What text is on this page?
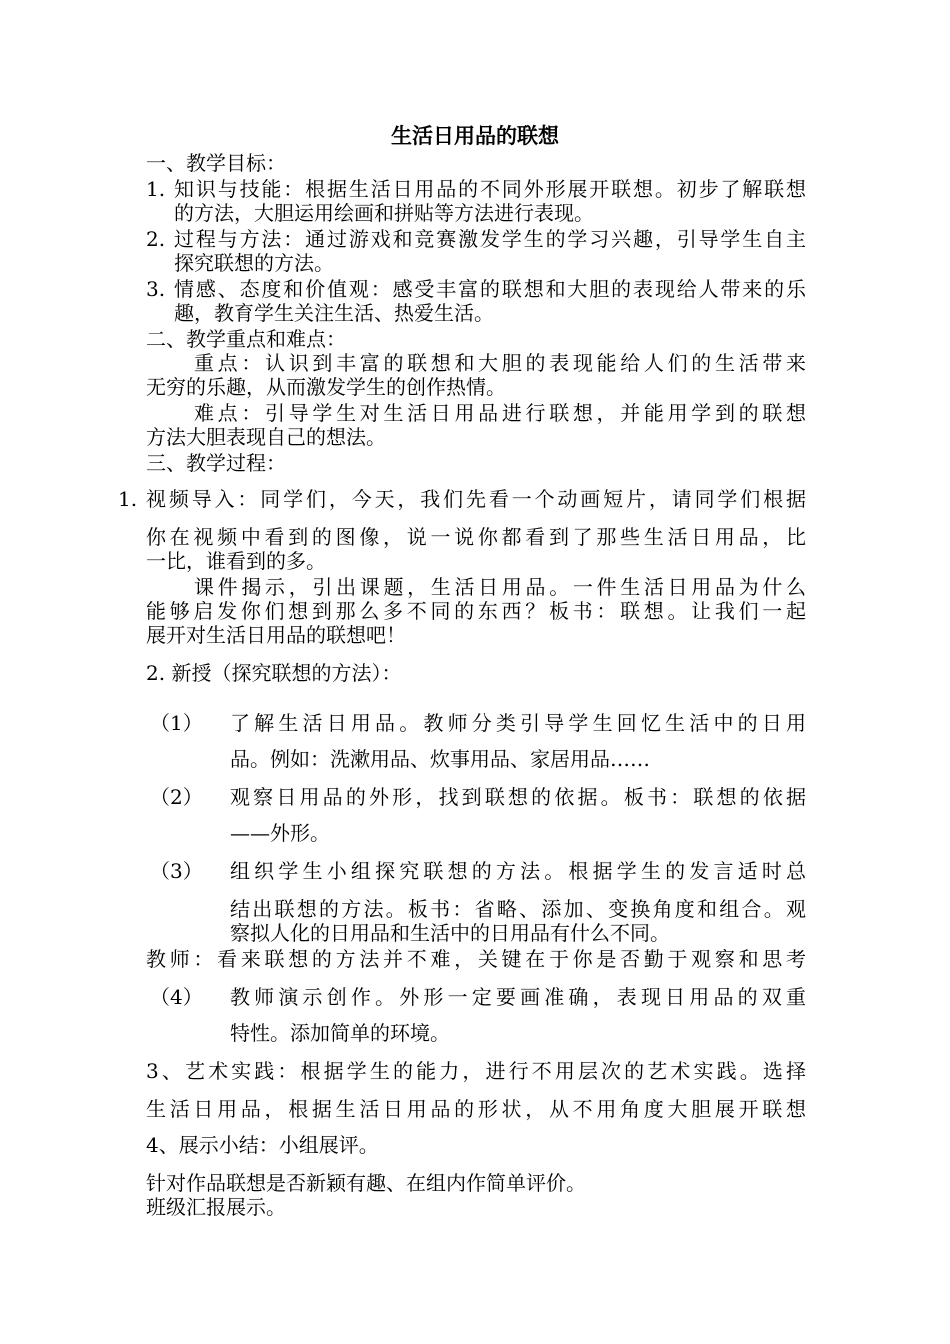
生活日用品的联想
一、教学目标：
1. 知识与技能：根据生活日用品的不同外形展开联想。初步了解联想
的方法，大胆运用绘画和拼贴等方法进行表现。
2. 过程与方法：通过游戏和竞赛激发学生的学习兴趣，引导学生自主
探究联想的方法。
3. 情感、态度和价值观：感受丰富的联想和大胆的表现给人带来的乐
趣，教育学生关注生活、热爱生活。
二、教学重点和难点：
重点：认识到丰富的联想和大胆的表现能给人们的生活带来
无穷的乐趣，从而激发学生的创作热情。
难点：引导学生对生活日用品进行联想，并能用学到的联想
方法大胆表现自己的想法。
三、教学过程：
1. 视频导入：同学们，今天，我们先看一个动画短片，请同学们根据
你在视频中看到的图像，说一说你都看到了那些生活日用品，比
一比，谁看到的多。
课件揭示，引出课题，生活日用品。一件生活日用品为什么
能够启发你们想到那么多不同的东西？板书：联想。让我们一起
展开对生活日用品的联想吧！
2. 新授（探究联想的方法）：
（1） 了解生活日用品。教师分类引导学生回忆生活中的日用
品。例如：洗漱用品、炊事用品、家居用品……
（2） 观察日用品的外形，找到联想的依据。板书：联想的依据
——外形。
（3） 组织学生小组探究联想的方法。根据学生的发言适时总
结出联想的方法。板书：省略、添加、变换角度和组合。观
察拟人化的日用品和生活中的日用品有什么不同。
教师：看来联想的方法并不难，关键在于你是否勤于观察和思考
（4） 教师演示创作。外形一定要画准确，表现日用品的双重
特性。添加简单的环境。
3、艺术实践：根据学生的能力，进行不用层次的艺术实践。选择
生活日用品，根据生活日用品的形状，从不用角度大胆展开联想
4、展示小结：小组展评。
针对作品联想是否新颖有趣、在组内作简单评价。
班级汇报展示。
